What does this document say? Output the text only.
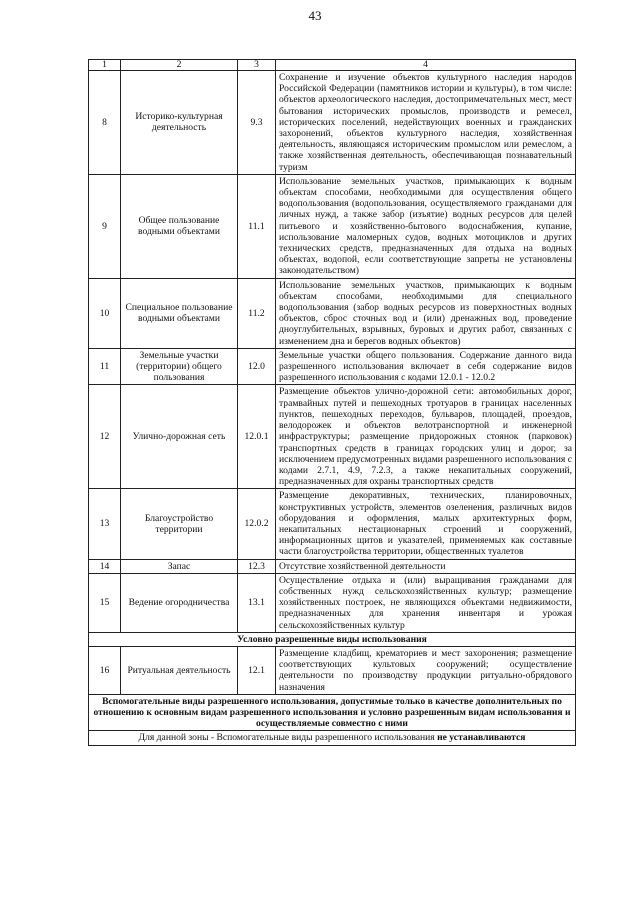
43
1	2	3	4
8	Историко-культурная деятельность	9.3	Сохранение и изучение объектов культурного наследия народов Российской Федерации (памятников истории и культуры), в том числе: объектов археологического наследия, достопримечательных мест, мест бытования исторических промыслов, производств и ремесел, исторических поселений, недействующих военных и гражданских захоронений, объектов культурного наследия, хозяйственная деятельность, являющаяся историческим промыслом или ремеслом, а также хозяйственная деятельность, обеспечивающая познавательный туризм
9	Общее пользование водными объектами	11.1	Использование земельных участков, примыкающих к водным объектам способами, необходимыми для осуществления общего водопользования (водопользования, осуществляемого гражданами для личных нужд, а также забор (изъятие) водных ресурсов для целей питьевого и хозяйственно-бытового водоснабжения, купание, использование маломерных судов, водных мотоциклов и других технических средств, предназначенных для отдыха на водных объектах, водопой, если соответствующие запреты не установлены законодательством)
10	Специальное пользование водными объектами	11.2	Использование земельных участков, примыкающих к водным объектам способами, необходимыми для специального водопользования (забор водных ресурсов из поверхностных водных объектов, сброс сточных вод и (или) дренажных вод, проведение дноуглубительных, взрывных, буровых и других работ, связанных с изменением дна и берегов водных объектов)
11	Земельные участки (территории) общего пользования	12.0	Земельные участки общего пользования. Содержание данного вида разрешенного использования включает в себя содержание видов разрешенного использования с кодами 12.0.1 - 12.0.2
12	Улично-дорожная сеть	12.0.1	Размещение объектов улично-дорожной сети: автомобильных дорог, трамвайных путей и пешеходных тротуаров в границах населенных пунктов, пешеходных переходов, бульваров, площадей, проездов, велодорожек и объектов велотранспортной и инженерной инфраструктуры; размещение придорожных стоянок (парковок) транспортных средств в границах городских улиц и дорог, за исключением предусмотренных видами разрешенного использования с кодами 2.7.1, 4.9, 7.2.3, а также некапитальных сооружений, предназначенных для охраны транспортных средств
13	Благоустройство территории	12.0.2	Размещение декоративных, технических, планировочных, конструктивных устройств, элементов озеленения, различных видов оборудования и оформления, малых архитектурных форм, некапитальных нестационарных строений и сооружений, информационных щитов и указателей, применяемых как составные части благоустройства территории, общественных туалетов
14	Запас	12.3	Отсутствие хозяйственной деятельности
15	Ведение огородничества	13.1	Осуществление отдыха и (или) выращивания гражданами для собственных нужд сельскохозяйственных культур; размещение хозяйственных построек, не являющихся объектами недвижимости, предназначенных для хранения инвентаря и урожая сельскохозяйственных культур
Условно разрешенные виды использования			
16	Ритуальная деятельность	12.1	Размещение кладбищ, крематориев и мест захоронения; размещение соответствующих культовых сооружений; осуществление деятельности по производству продукции ритуально-обрядового назначения
Вспомогательные виды разрешенного использования, допустимые только в качестве дополнительных по отношению к основным видам разрешенного использования и условно разрешенным видам использования и осуществляемые совместно с ними			
Для данной зоны - Вспомогательные виды разрешенного использования не устанавливаются			
